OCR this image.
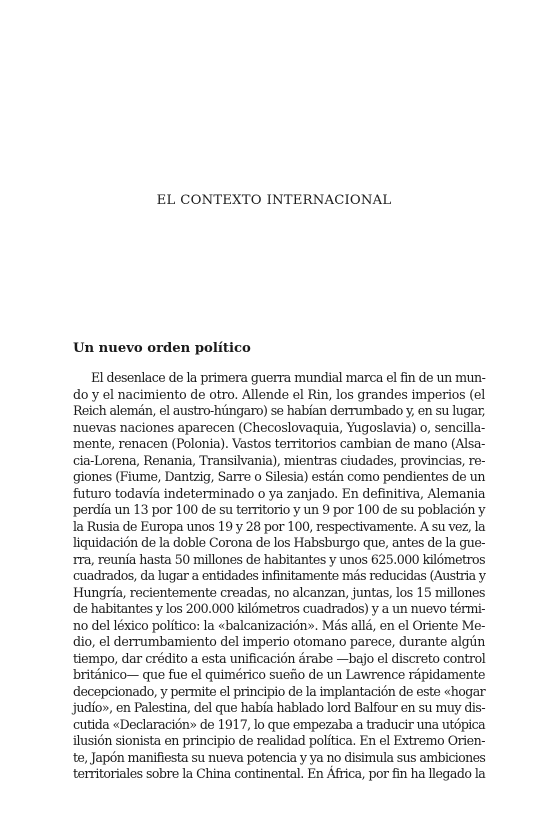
EL CONTEXTO INTERNACIONAL
Un nuevo orden político
El desenlace de la primera guerra mundial marca el fin de un mun-
do y el nacimiento de otro. Allende el Rin, los grandes imperios (el
Reich alemán, el austro-húngaro) se habían derrumbado y, en su lugar,
nuevas naciones aparecen (Checoslovaquia, Yugoslavia) o, sencilla-
mente, renacen (Polonia). Vastos territorios cambian de mano (Alsa-
cia-Lorena, Renania, Transilvania), mientras ciudades, provincias, re-
giones (Fiume, Dantzig, Sarre o Silesia) están como pendientes de un
futuro todavía indeterminado o ya zanjado. En definitiva, Alemania
perdía un 13 por 100 de su territorio y un 9 por 100 de su población y
la Rusia de Europa unos 19 y 28 por 100, respectivamente. A su vez, la
liquidación de la doble Corona de los Habsburgo que, antes de la gue-
rra, reunía hasta 50 millones de habitantes y unos 625.000 kilómetros
cuadrados, da lugar a entidades infinitamente más reducidas (Austria y
Hungría, recientemente creadas, no alcanzan, juntas, los 15 millones
de habitantes y los 200.000 kilómetros cuadrados) y a un nuevo térmi-
no del léxico político: la «balcanización». Más allá, en el Oriente Me-
dio, el derrumbamiento del imperio otomano parece, durante algún
tiempo, dar crédito a esta unificación árabe —bajo el discreto control
británico— que fue el quimérico sueño de un Lawrence rápidamente
decepcionado, y permite el principio de la implantación de este «hogar
judío», en Palestina, del que había hablado lord Balfour en su muy dis-
cutida «Declaración» de 1917, lo que empezaba a traducir una utópica
ilusión sionista en principio de realidad política. En el Extremo Orien-
te, Japón manifiesta su nueva potencia y ya no disimula sus ambiciones
territoriales sobre la China continental. En África, por fin ha llegado la
